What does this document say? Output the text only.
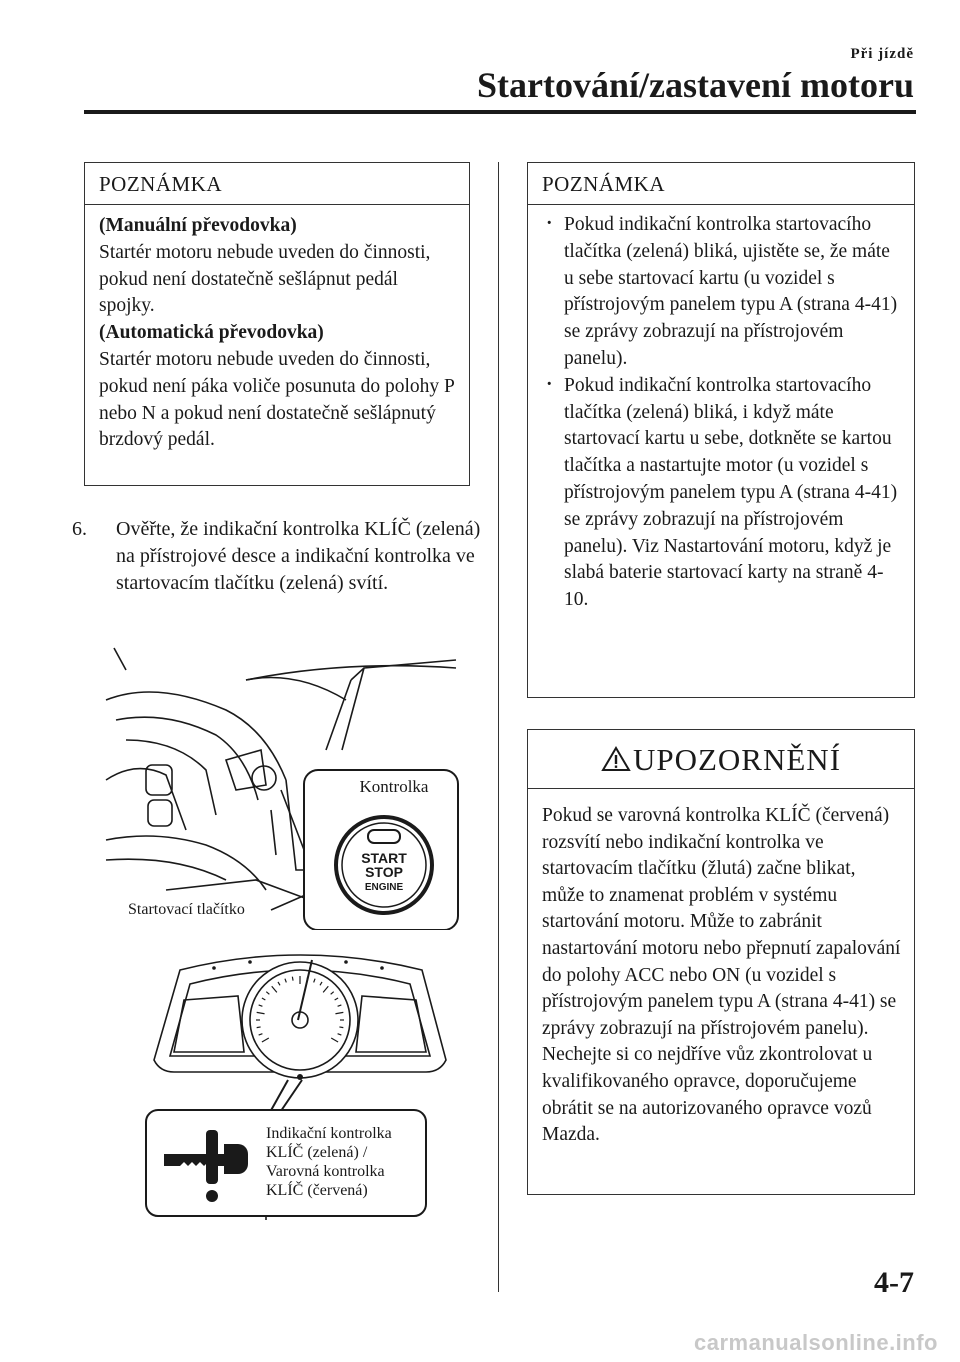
Při jízdě
Startování/zastavení motoru
POZNÁMKA

(Manuální převodovka)

Startér motoru nebude uveden do činnosti, pokud není dostatečně sešlápnut pedál spojky.

(Automatická převodovka)

Startér motoru nebude uveden do činnosti, pokud není páka voliče posunuta do polohy P nebo N a pokud není dostatečně sešlápnutý brzdový pedál.

6. Ověřte, že indikační kontrolka KLÍČ (zelená) na přístrojové desce a indikační kontrolka ve startovacím tlačítku (zelená) svítí.
Kontrolka
START
STOP
ENGINE
Startovací tlačítko
Indikační kontrolka
KLÍČ (zelená) /
Varovná kontrolka
KLÍČ (červená)
POZNÁMKA

· Pokud indikační kontrolka startovacího tlačítka (zelená) bliká, ujistěte se, že máte u sebe startovací kartu (u vozidel s přístrojovým panelem typu A (strana 4-41) se zprávy zobrazují na přístrojovém panelu).

· Pokud indikační kontrolka startovacího tlačítka (zelená) bliká, i když máte startovací kartu u sebe, dotkněte se kartou tlačítka a nastartujte motor (u vozidel s přístrojovým panelem typu A (strana 4-41) se zprávy zobrazují na přístrojovém panelu). Viz Nastartování motoru, když je slabá baterie startovací karty na straně 4-10.

UPOZORNĚNÍ
Pokud se varovná kontrolka KLÍČ (červená) rozsvítí nebo indikační kontrolka ve startovacím tlačítku (žlutá) začne blikat, může to znamenat problém v systému startování motoru. Může to zabránit nastartování motoru nebo přepnutí zapalování do polohy ACC nebo ON (u vozidel s přístrojovým panelem typu A (strana 4-41) se zprávy zobrazují na přístrojovém panelu). Nechejte si co nejdříve vůz zkontrolovat u kvalifikovaného opravce, doporučujeme obrátit se na autorizovaného opravce vozů Mazda.
4-7
carmanualsonline.info
